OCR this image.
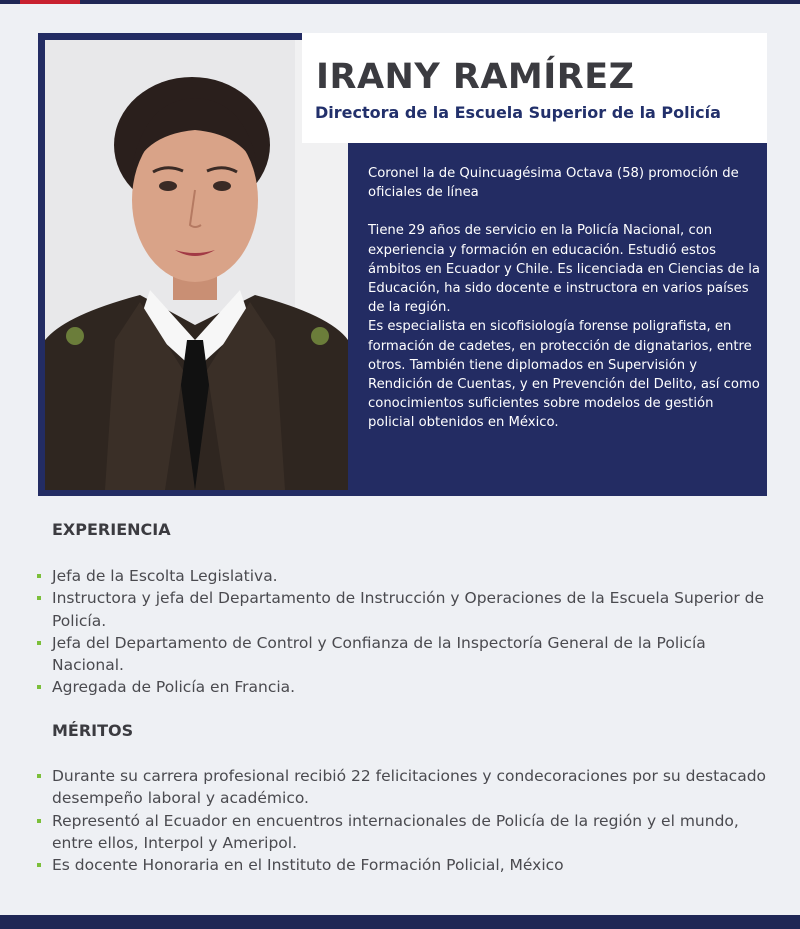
IRANY RAMÍREZ
Directora de la Escuela Superior de la Policía

Coronel la de Quincuagésima Octava (58) promoción de oficiales de línea

Tiene 29 años de servicio en la Policía Nacional, con experiencia y formación en educación. Estudió estos ámbitos en Ecuador y Chile. Es licenciada en Ciencias de la Educación, ha sido docente e instructora en varios países de la región.

Es especialista en sicofisiología forense poligrafista, en formación de cadetes, en protección de dignatarios, entre otros. También tiene diplomados en Supervisión y Rendición de Cuentas, y en Prevención del Delito, así como conocimientos suficientes sobre modelos de gestión policial obtenidos en México.

EXPERIENCIA
Jefa de la Escolta Legislativa.
Instructora y jefa del Departamento de Instrucción y Operaciones de la Escuela Superior de Policía.
Jefa del Departamento de Control y Confianza de la Inspectoría General de la Policía Nacional.
Agregada de Policía en Francia.
MÉRITOS
Durante su carrera profesional recibió 22 felicitaciones y condecoraciones por su destacado desempeño laboral y académico.
Representó al Ecuador en encuentros internacionales de Policía de la región y el mundo, entre ellos, Interpol y Ameripol.
Es docente Honoraria en el Instituto de Formación Policial, México
